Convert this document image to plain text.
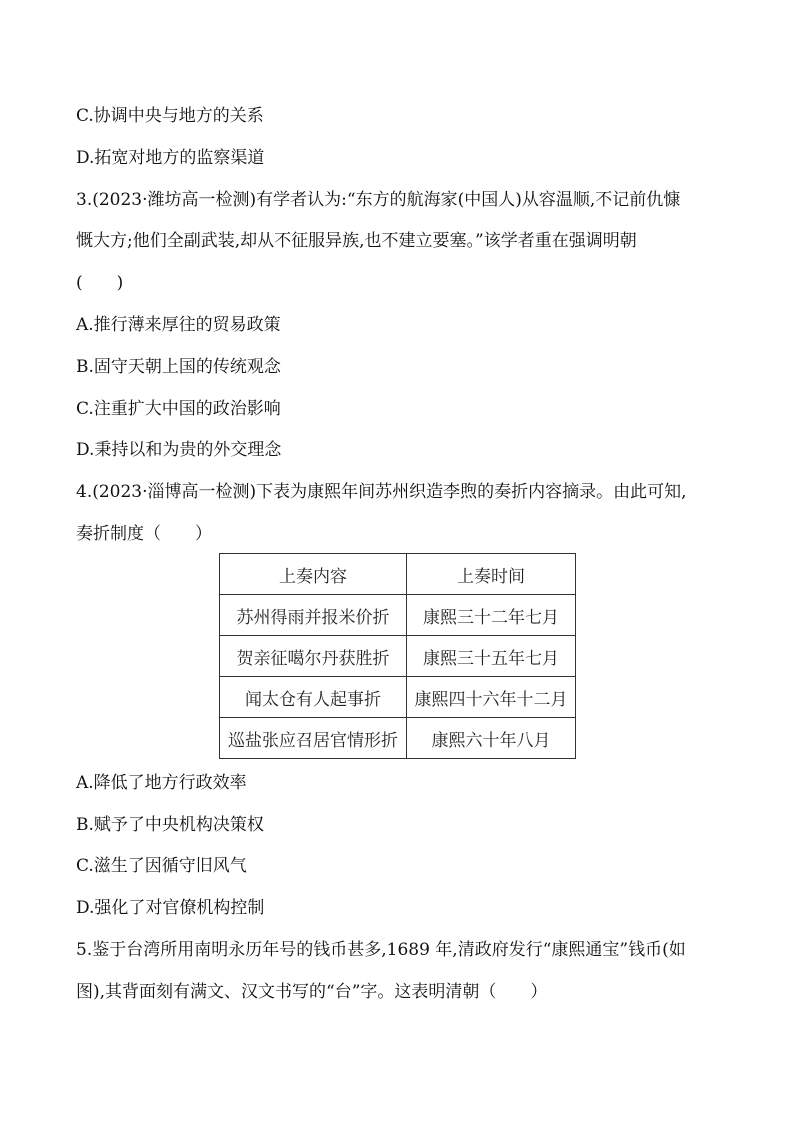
C.协调中央与地方的关系
D.拓宽对地方的监察渠道
3.(2023·潍坊高一检测)有学者认为:“东方的航海家(中国人)从容温顺,不记前仇慷
慨大方;他们全副武装,却从不征服异族,也不建立要塞。”该学者重在强调明朝
(　　)
A.推行薄来厚往的贸易政策
B.固守天朝上国的传统观念
C.注重扩大中国的政治影响
D.秉持以和为贵的外交理念
4.(2023·淄博高一检测)下表为康熙年间苏州织造李煦的奏折内容摘录。由此可知,
奏折制度（　　）
上奏内容	上奏时间
苏州得雨并报米价折	康熙三十二年七月
贺亲征噶尔丹获胜折	康熙三十五年七月
闻太仓有人起事折	康熙四十六年十二月
巡盐张应召居官情形折	康熙六十年八月
A.降低了地方行政效率
B.赋予了中央机构决策权
C.滋生了因循守旧风气
D.强化了对官僚机构控制
5.鉴于台湾所用南明永历年号的钱币甚多,1689 年,清政府发行“康熙通宝”钱币(如
图),其背面刻有满文、汉文书写的“台”字。这表明清朝（　　）
